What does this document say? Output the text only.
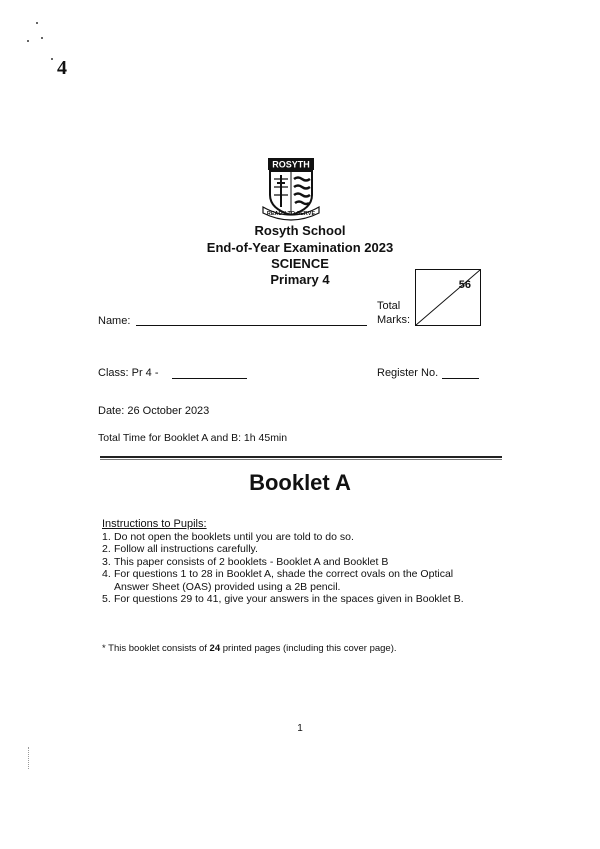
4
ROSYTH
READY TO SERVE
Rosyth School
End-of-Year Examination 2023
SCIENCE
Primary 4
Name:
Total
Marks:
56
Class: Pr 4 -	Register No.
Date: 26 October 2023
Total Time for Booklet A and B: 1h 45min
Booklet A
Instructions to Pupils:
1. Do not open the booklets until you are told to do so.
2. Follow all instructions carefully.
3. This paper consists of 2 booklets - Booklet A and Booklet B
4. For questions 1 to 28 in Booklet A, shade the correct ovals on the Optical Answer Sheet (OAS) provided using a 2B pencil.
5. For questions 29 to 41, give your answers in the spaces given in Booklet B.
* This booklet consists of 24 printed pages (including this cover page).
1
